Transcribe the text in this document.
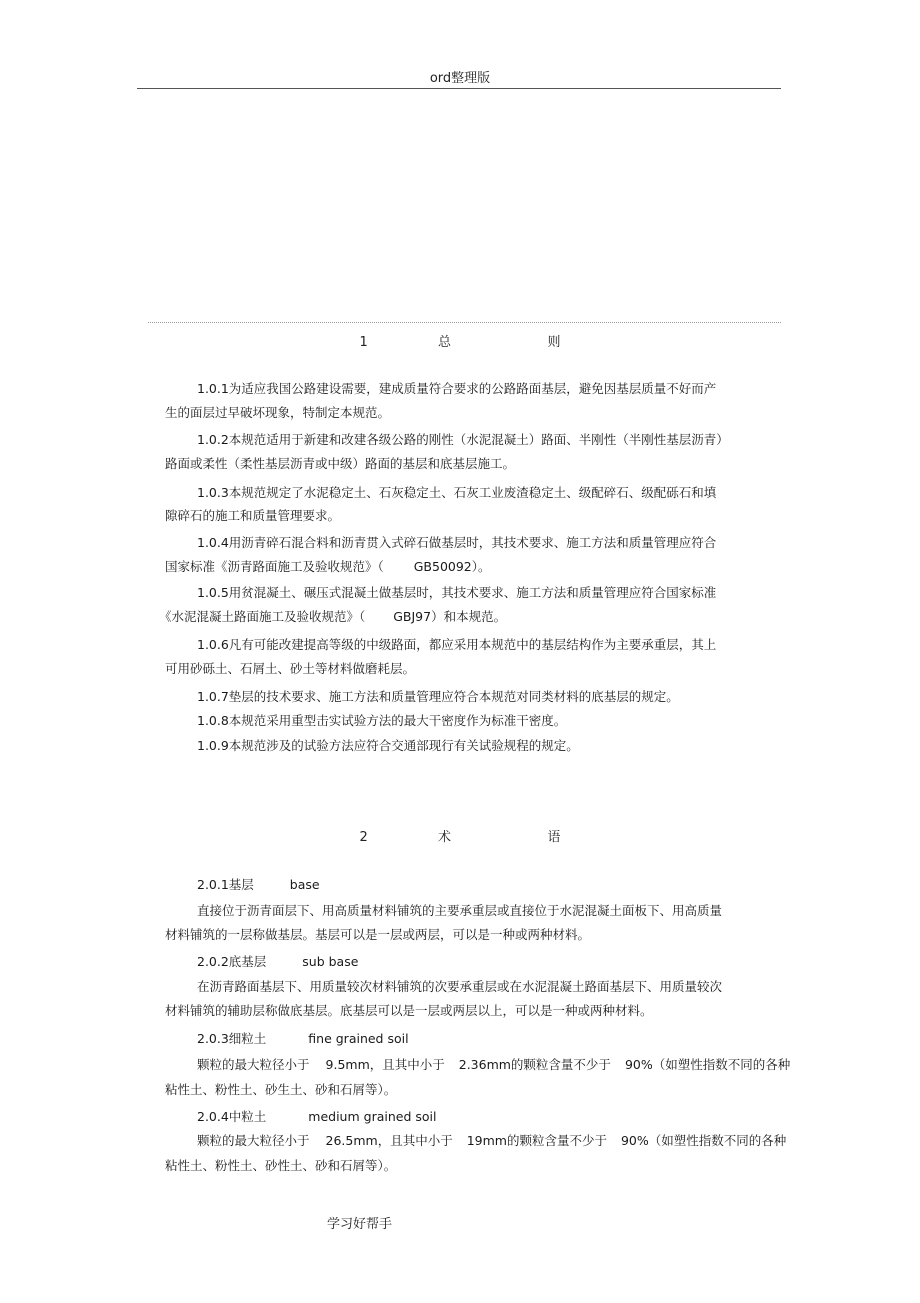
ord整理版
1	总    则
1.0.1为适应我国公路建设需要，建成质量符合要求的公路路面基层，避免因基层质量不好而产
生的面层过早破坏现象，特制定本规范。
1.0.2本规范适用于新建和改建各级公路的刚性（水泥混凝土）路面、半刚性（半刚性基层沥青）
路面或柔性（柔性基层沥青或中级）路面的基层和底基层施工。
1.0.3本规范规定了水泥稳定土、石灰稳定土、石灰工业废渣稳定土、级配碎石、级配砾石和填
隙碎石的施工和质量管理要求。
1.0.4用沥青碎石混合料和沥青贯入式碎石做基层时，其技术要求、施工方法和质量管理应符合
国家标准《沥青路面施工及验收规范》（ GB50092）。
1.0.5用贫混凝土、碾压式混凝土做基层时，其技术要求、施工方法和质量管理应符合国家标准
《水泥混凝土路面施工及验收规范》（ GBJ97）和本规范。
1.0.6凡有可能改建提高等级的中级路面，都应采用本规范中的基层结构作为主要承重层，其上
可用砂砾土、石屑土、砂土等材料做磨耗层。
1.0.7垫层的技术要求、施工方法和质量管理应符合本规范对同类材料的底基层的规定。
1.0.8本规范采用重型击实试验方法的最大干密度作为标准干密度。
1.0.9本规范涉及的试验方法应符合交通部现行有关试验规程的规定。
2	术    语
2.0.1基层	base
直接位于沥青面层下、用高质量材料铺筑的主要承重层或直接位于水泥混凝土面板下、用高质量
材料铺筑的一层称做基层。基层可以是一层或两层，可以是一种或两种材料。
2.0.2底基层	sub base
在沥青路面基层下、用质量较次材料铺筑的次要承重层或在水泥混凝土路面基层下、用质量较次
材料铺筑的辅助层称做底基层。底基层可以是一层或两层以上，可以是一种或两种材料。
2.0.3细粒土	fine grained soil
颗粒的最大粒径小于 9.5mm，且其中小于 2.36mm的颗粒含量不少于 90%（如塑性指数不同的各种
粘性土、粉性土、砂生土、砂和石屑等）。
2.0.4中粒土	medium grained soil
颗粒的最大粒径小于 26.5mm，且其中小于 19mm的颗粒含量不少于 90%（如塑性指数不同的各种
粘性土、粉性土、砂性土、砂和石屑等）。
学习好帮手
